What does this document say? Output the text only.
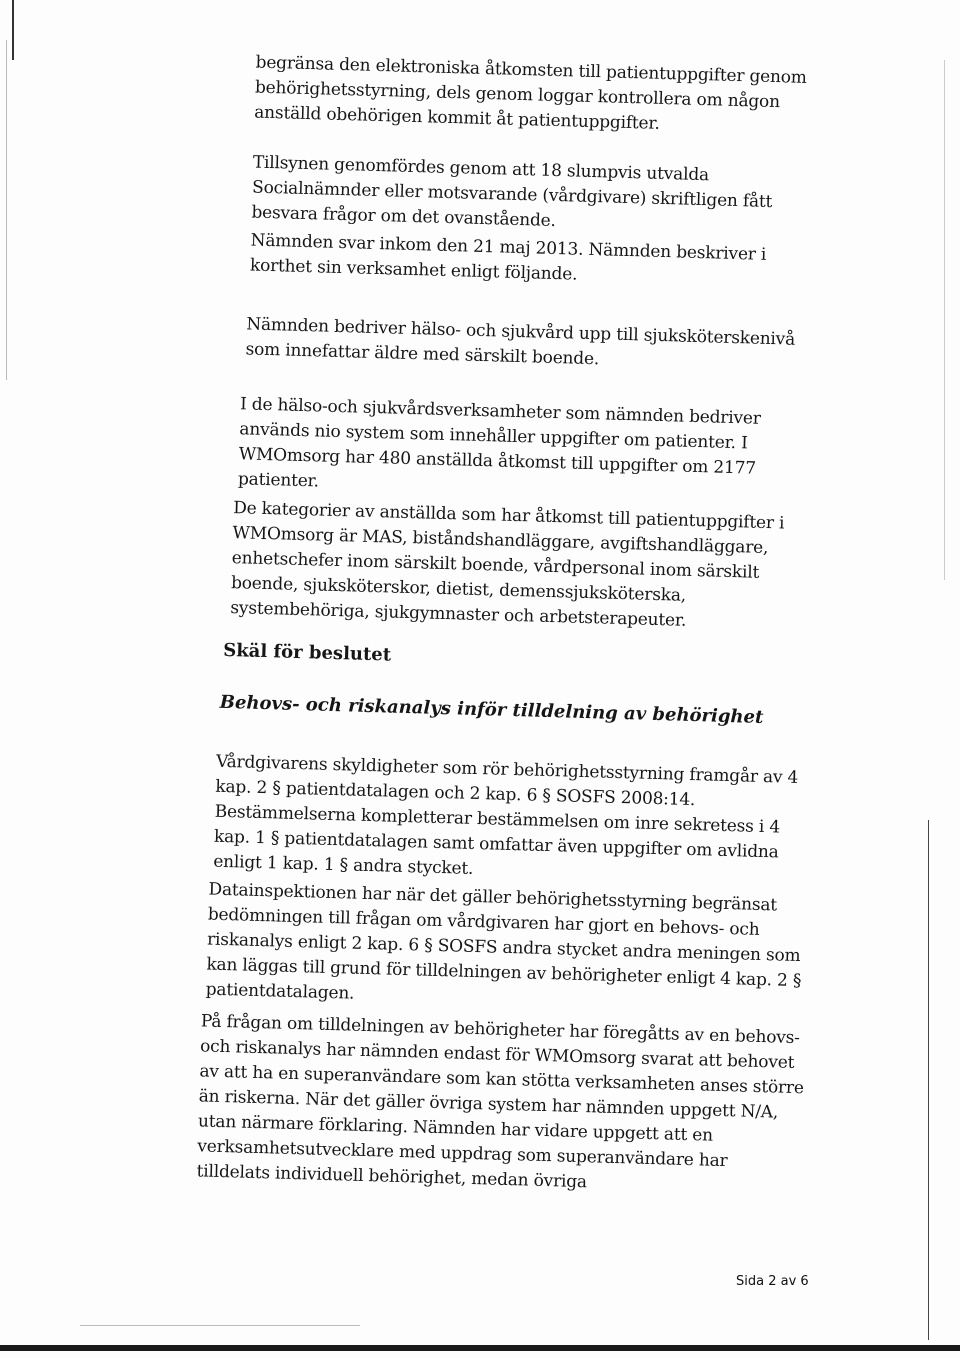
begränsa den elektroniska åtkomsten till patientuppgifter genom behörighetsstyrning, dels genom loggar kontrollera om någon anställd obehörigen kommit åt patientuppgifter.

Tillsynen genomfördes genom att 18 slumpvis utvalda Socialnämnder eller motsvarande (vårdgivare) skriftligen fått besvara frågor om det ovanstående.

Nämnden svar inkom den 21 maj 2013. Nämnden beskriver i korthet sin verksamhet enligt följande.

Nämnden bedriver hälso- och sjukvård upp till sjuksköterskenivå som innefattar äldre med särskilt boende.

I de hälso-och sjukvårdsverksamheter som nämnden bedriver används nio system som innehåller uppgifter om patienter. I WMOmsorg har 480 anställda åtkomst till uppgifter om 2177 patienter.

De kategorier av anställda som har åtkomst till patientuppgifter i WMOmsorg är MAS, biståndshandläggare, avgiftshandläggare, enhetschefer inom särskilt boende, vårdpersonal inom särskilt boende, sjuksköterskor, dietist, demenssjuksköterska, systembehöriga, sjukgymnaster och arbetsterapeuter.

Skäl för beslutet
Behovs- och riskanalys inför tilldelning av behörighet

Vårdgivarens skyldigheter som rör behörighetsstyrning framgår av 4 kap. 2 § patientdatalagen och 2 kap. 6 § SOSFS 2008:14. Bestämmelserna kompletterar bestämmelsen om inre sekretess i 4 kap. 1 § patientdatalagen samt omfattar även uppgifter om avlidna enligt 1 kap. 1 § andra stycket.

Datainspektionen har när det gäller behörighetsstyrning begränsat bedömningen till frågan om vårdgivaren har gjort en behovs- och riskanalys enligt 2 kap. 6 § SOSFS andra stycket andra meningen som kan läggas till grund för tilldelningen av behörigheter enligt 4 kap. 2 § patientdatalagen.

På frågan om tilldelningen av behörigheter har föregåtts av en behovs- och riskanalys har nämnden endast för WMOmsorg svarat att behovet av att ha en superanvändare som kan stötta verksamheten anses större än riskerna. När det gäller övriga system har nämnden uppgett N/A, utan närmare förklaring. Nämnden har vidare uppgett att en verksamhetsutvecklare med uppdrag som superanvändare har tilldelats individuell behörighet, medan övriga

Sida 2 av 6
